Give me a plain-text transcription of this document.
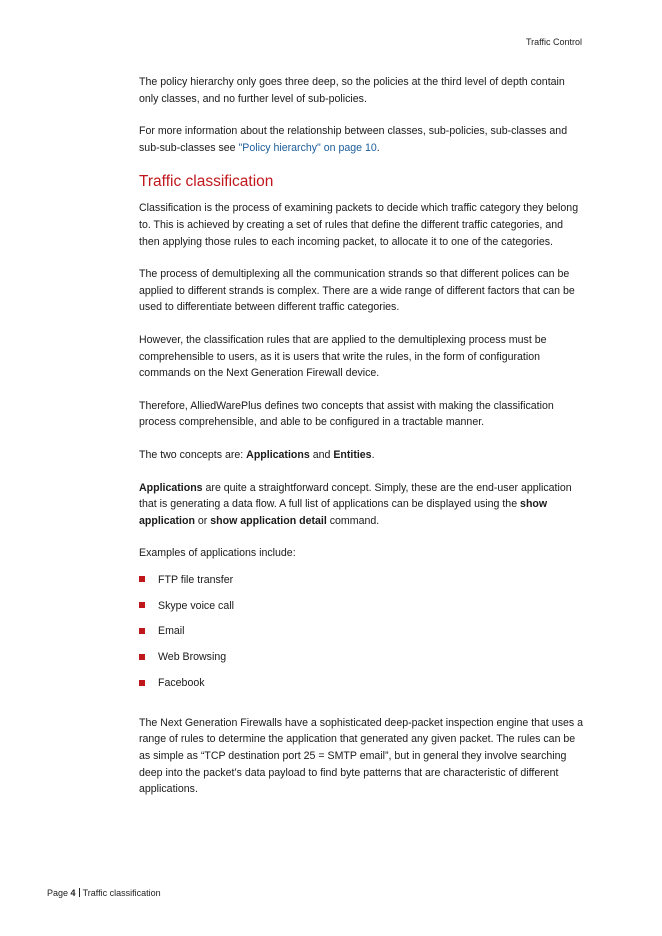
Traffic Control

The policy hierarchy only goes three deep, so the policies at the third level of depth contain only classes, and no further level of sub-policies.

For more information about the relationship between classes, sub-policies, sub-classes and sub-sub-classes see "Policy hierarchy" on page 10.

Traffic classification

Classification is the process of examining packets to decide which traffic category they belong to. This is achieved by creating a set of rules that define the different traffic categories, and then applying those rules to each incoming packet, to allocate it to one of the categories.

The process of demultiplexing all the communication strands so that different polices can be applied to different strands is complex. There are a wide range of different factors that can be used to differentiate between different traffic categories.

However, the classification rules that are applied to the demultiplexing process must be comprehensible to users, as it is users that write the rules, in the form of configuration commands on the Next Generation Firewall device.

Therefore, AlliedWarePlus defines two concepts that assist with making the classification process comprehensible, and able to be configured in a tractable manner.

The two concepts are: Applications and Entities.

Applications are quite a straightforward concept. Simply, these are the end-user application that is generating a data flow. A full list of applications can be displayed using the show application or show application detail command.

Examples of applications include:

FTP file transfer
Skype voice call
Email
Web Browsing
Facebook

The Next Generation Firewalls have a sophisticated deep-packet inspection engine that uses a range of rules to determine the application that generated any given packet. The rules can be as simple as “TCP destination port 25 = SMTP email”, but in general they involve searching deep into the packet’s data payload to find byte patterns that are characteristic of different applications.

Page 4 Traffic classification
